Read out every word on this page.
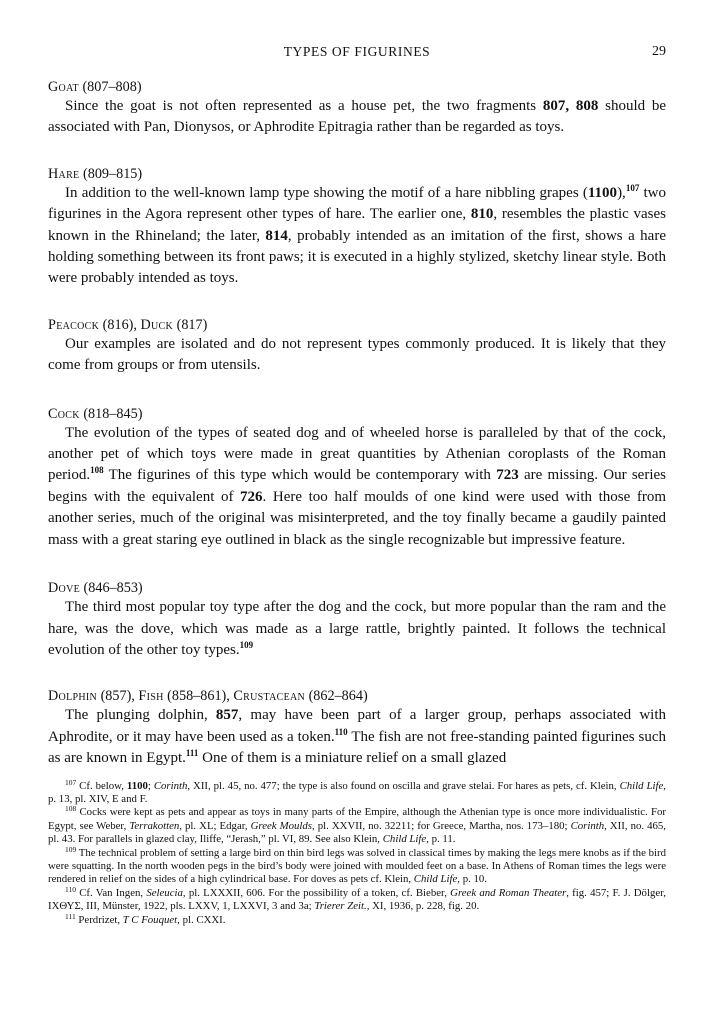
TYPES OF FIGURINES	29
Goat (807–808)

Since the goat is not often represented as a house pet, the two fragments 807, 808 should be associated with Pan, Dionysos, or Aphrodite Epitragia rather than be regarded as toys.

Hare (809–815)

In addition to the well-known lamp type showing the motif of a hare nibbling grapes (1100),$^{107}$ two figurines in the Agora represent other types of hare. The earlier one, 810, resembles the plastic vases known in the Rhineland; the later, 814, probably intended as an imitation of the first, shows a hare holding something between its front paws; it is executed in a highly stylized, sketchy linear style. Both were probably intended as toys.

Peacock (816), Duck (817)

Our examples are isolated and do not represent types commonly produced. It is likely that they come from groups or from utensils.

Cock (818–845)

The evolution of the types of seated dog and of wheeled horse is paralleled by that of the cock, another pet of which toys were made in great quantities by Athenian coroplasts of the Roman period.$^{108}$ The figurines of this type which would be contemporary with 723 are missing. Our series begins with the equivalent of 726. Here too half moulds of one kind were used with those from another series, much of the original was misinterpreted, and the toy finally became a gaudily painted mass with a great staring eye outlined in black as the single recognizable but impressive feature.

Dove (846–853)

The third most popular toy type after the dog and the cock, but more popular than the ram and the hare, was the dove, which was made as a large rattle, brightly painted. It follows the technical evolution of the other toy types.$^{109}$

Dolphin (857), Fish (858–861), Crustacean (862–864)

The plunging dolphin, 857, may have been part of a larger group, perhaps associated with Aphrodite, or it may have been used as a token.$^{110}$ The fish are not free-standing painted figurines such as are known in Egypt.$^{111}$ One of them is a miniature relief on a small glazed

$^{107}$ Cf. below, 1100; Corinth, XII, pl. 45, no. 477; the type is also found on oscilla and grave stelai. For hares as pets, cf. Klein, Child Life, p. 13, pl. XIV, E and F.

$^{108}$ Cocks were kept as pets and appear as toys in many parts of the Empire, although the Athenian type is once more individualistic. For Egypt, see Weber, Terrakotten, pl. XL; Edgar, Greek Moulds, pl. XXVII, no. 32211; for Greece, Martha, nos. 173–180; Corinth, XII, no. 465, pl. 43. For parallels in glazed clay, Iliffe, “Jerash,” pl. VI, 89. See also Klein, Child Life, p. 11.

$^{109}$ The technical problem of setting a large bird on thin bird legs was solved in classical times by making the legs mere knobs as if the bird were squatting. In the north wooden pegs in the bird’s body were joined with moulded feet on a base. In Athens of Roman times the legs were rendered in relief on the sides of a high cylindrical base. For doves as pets cf. Klein, Child Life, p. 10.

$^{110}$ Cf. Van Ingen, Seleucia, pl. LXXXII, 606. For the possibility of a token, cf. Bieber, Greek and Roman Theater, fig. 457; F. J. Dölger, ΙΧΘΥΣ, III, Münster, 1922, pls. LXXV, 1, LXXVI, 3 and 3a; Trierer Zeit., XI, 1936, p. 228, fig. 20.

$^{111}$ Perdrizet, T C Fouquet, pl. CXXI.
